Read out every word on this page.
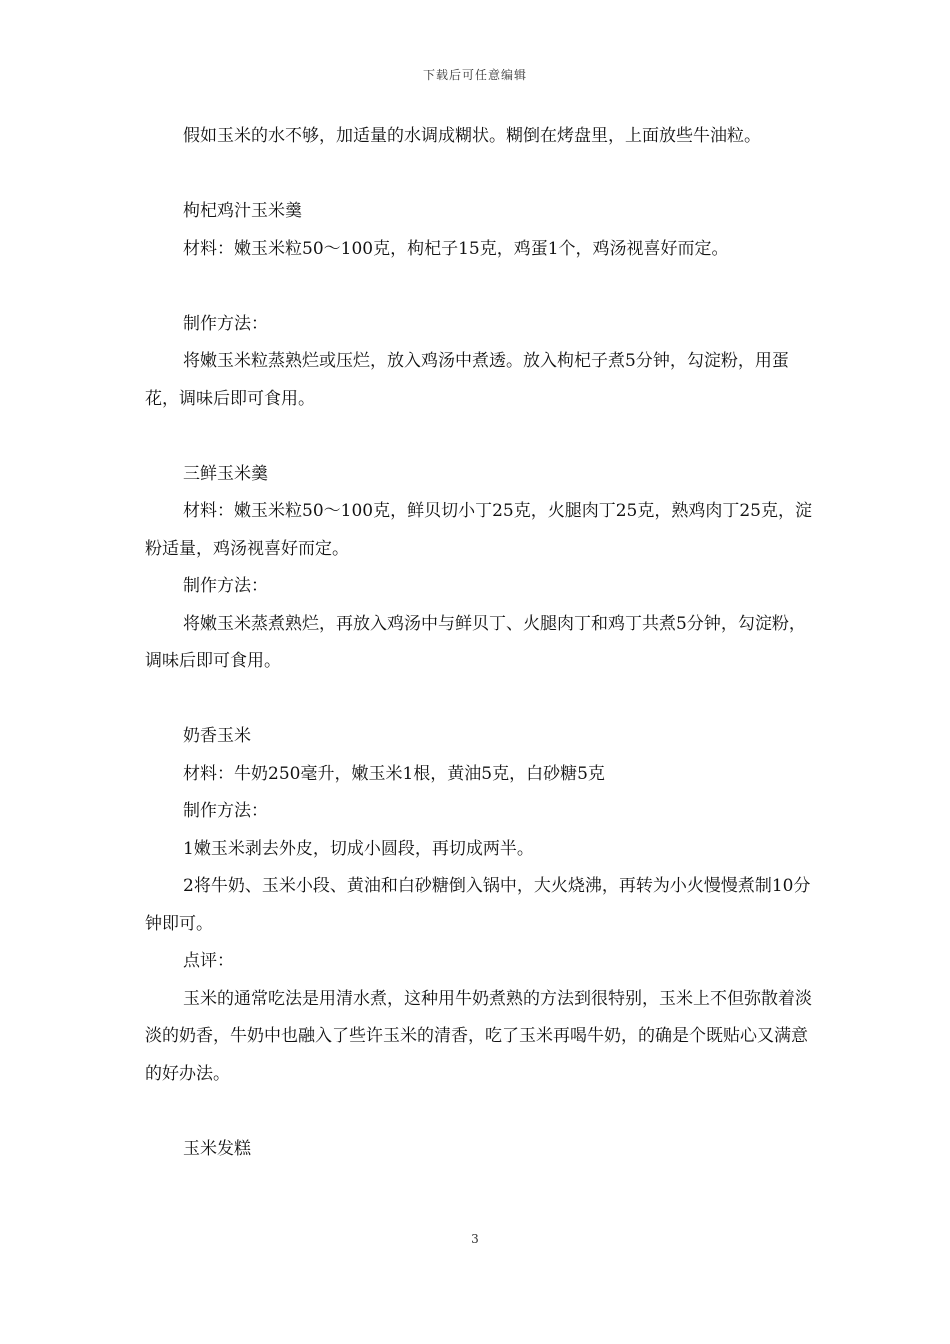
下载后可任意编辑

假如玉米的水不够，加适量的水调成糊状。糊倒在烤盘里，上面放些牛油粒。

枸杞鸡汁玉米羹

材料：嫩玉米粒50～100克，枸杞子15克，鸡蛋1个，鸡汤视喜好而定。

制作方法：

将嫩玉米粒蒸熟烂或压烂，放入鸡汤中煮透。放入枸杞子煮5分钟，勾淀粉，用蛋花，调味后即可食用。

三鲜玉米羹

材料：嫩玉米粒50～100克，鲜贝切小丁25克，火腿肉丁25克，熟鸡肉丁25克，淀粉适量，鸡汤视喜好而定。

制作方法：

将嫩玉米蒸煮熟烂，再放入鸡汤中与鲜贝丁、火腿肉丁和鸡丁共煮5分钟，勾淀粉，调味后即可食用。

奶香玉米

材料：牛奶250毫升，嫩玉米1根，黄油5克，白砂糖5克

制作方法：

1嫩玉米剥去外皮，切成小圆段，再切成两半。

2将牛奶、玉米小段、黄油和白砂糖倒入锅中，大火烧沸，再转为小火慢慢煮制10分钟即可。

点评：

玉米的通常吃法是用清水煮，这种用牛奶煮熟的方法到很特别，玉米上不但弥散着淡淡的奶香，牛奶中也融入了些许玉米的清香，吃了玉米再喝牛奶，的确是个既贴心又满意的好办法。

玉米发糕

3
